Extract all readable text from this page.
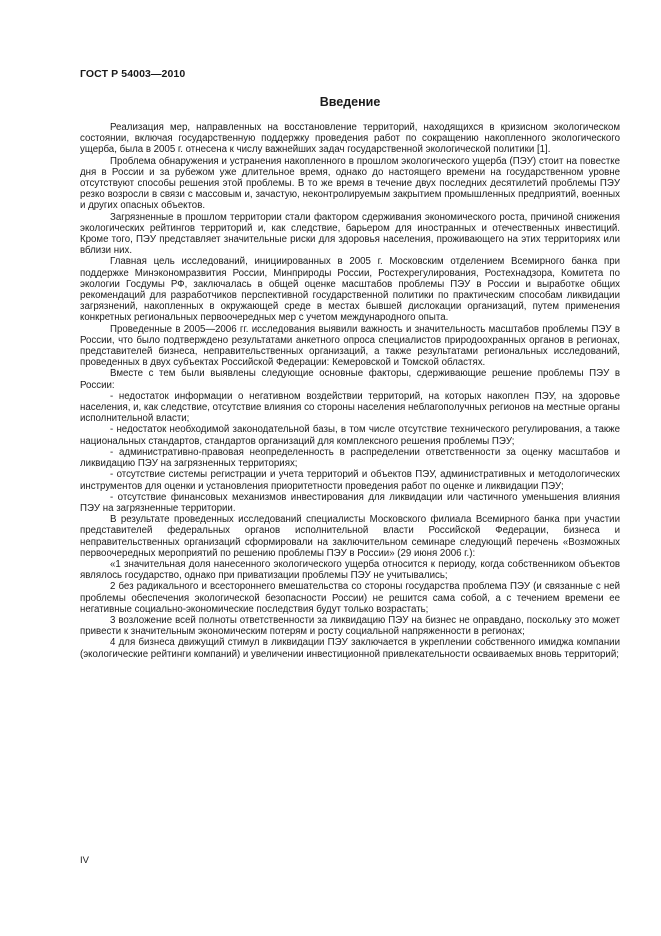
ГОСТ Р 54003—2010
Введение

Реализация мер, направленных на восстановление территорий, находящихся в кризисном экологическом состоянии, включая государственную поддержку проведения работ по сокращению накопленного экологического ущерба, была в 2005 г. отнесена к числу важнейших задач государственной экологической политики [1].

Проблема обнаружения и устранения накопленного в прошлом экологического ущерба (ПЭУ) стоит на повестке дня в России и за рубежом уже длительное время, однако до настоящего времени на государственном уровне отсутствуют способы решения этой проблемы. В то же время в течение двух последних десятилетий проблемы ПЭУ резко возросли в связи с массовым и, зачастую, неконтролируемым закрытием промышленных предприятий, военных и других опасных объектов.

Загрязненные в прошлом территории стали фактором сдерживания экономического роста, причиной снижения экологических рейтингов территорий и, как следствие, барьером для иностранных и отечественных инвестиций. Кроме того, ПЭУ представляет значительные риски для здоровья населения, проживающего на этих территориях или вблизи них.

Главная цель исследований, инициированных в 2005 г. Московским отделением Всемирного банка при поддержке Минэкономразвития России, Минприроды России, Ростехрегулирования, Ростехнадзора, Комитета по экологии Госдумы РФ, заключалась в общей оценке масштабов проблемы ПЭУ в России и выработке общих рекомендаций для разработчиков перспективной государственной политики по практическим способам ликвидации загрязнений, накопленных в окружающей среде в местах бывшей дислокации организаций, путем применения конкретных региональных первоочередных мер с учетом международного опыта.

Проведенные в 2005—2006 гг. исследования выявили важность и значительность масштабов проблемы ПЭУ в России, что было подтверждено результатами анкетного опроса специалистов природоохранных органов в регионах, представителей бизнеса, неправительственных организаций, а также результатами региональных исследований, проведенных в двух субъектах Российской Федерации: Кемеровской и Томской областях.

Вместе с тем были выявлены следующие основные факторы, сдерживающие решение проблемы ПЭУ в России:

- недостаток информации о негативном воздействии территорий, на которых накоплен ПЭУ, на здоровье населения, и, как следствие, отсутствие влияния со стороны населения неблагополучных регионов на местные органы исполнительной власти;

- недостаток необходимой законодательной базы, в том числе отсутствие технического регулирования, а также национальных стандартов, стандартов организаций для комплексного решения проблемы ПЭУ;

- административно-правовая неопределенность в распределении ответственности за оценку масштабов и ликвидацию ПЭУ на загрязненных территориях;

- отсутствие системы регистрации и учета территорий и объектов ПЭУ, административных и методологических инструментов для оценки и установления приоритетности проведения работ по оценке и ликвидации ПЭУ;

- отсутствие финансовых механизмов инвестирования для ликвидации или частичного уменьшения влияния ПЭУ на загрязненные территории.

В результате проведенных исследований специалисты Московского филиала Всемирного банка при участии представителей федеральных органов исполнительной власти Российской Федерации, бизнеса и неправительственных организаций сформировали на заключительном семинаре следующий перечень «Возможных первоочередных мероприятий по решению проблемы ПЭУ в России» (29 июня 2006 г.):

«1 значительная доля нанесенного экологического ущерба относится к периоду, когда собственником объектов являлось государство, однако при приватизации проблемы ПЭУ не учитывались;

2 без радикального и всестороннего вмешательства со стороны государства проблема ПЭУ (и связанные с ней проблемы обеспечения экологической безопасности России) не решится сама собой, а с течением времени ее негативные социально-экономические последствия будут только возрастать;

3 возложение всей полноты ответственности за ликвидацию ПЭУ на бизнес не оправдано, поскольку это может привести к значительным экономическим потерям и росту социальной напряженности в регионах;

4 для бизнеса движущий стимул в ликвидации ПЭУ заключается в укреплении собственного имиджа компании (экологические рейтинги компаний) и увеличении инвестиционной привлекательности осваиваемых вновь территорий;

IV
